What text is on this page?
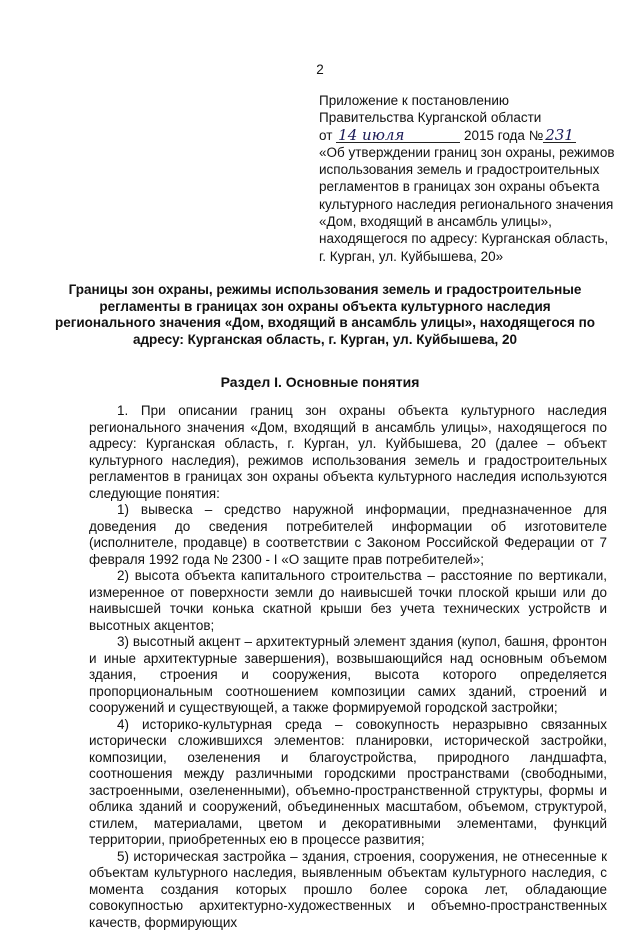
2
Приложение к постановлению
Правительства Курганской области
от 14 июля	2015 года № 231
«Об утверждении границ зон охраны, режимов
использования земель и градостроительных
регламентов в границах зон охраны объекта
культурного наследия регионального значения
«Дом, входящий в ансамбль улицы»,
находящегося по адресу: Курганская область,
г. Курган, ул. Куйбышева, 20»
Границы зон охраны, режимы использования земель и градостроительные регламенты в границах зон охраны объекта культурного наследия регионального значения «Дом, входящий в ансамбль улицы», находящегося по адресу: Курганская область, г. Курган, ул. Куйбышева, 20
Раздел I. Основные понятия

1. При описании границ зон охраны объекта культурного наследия регионального значения «Дом, входящий в ансамбль улицы», находящегося по адресу: Курганская область, г. Курган, ул. Куйбышева, 20 (далее – объект культурного наследия), режимов использования земель и градостроительных регламентов в границах зон охраны объекта культурного наследия используются следующие понятия:

1) вывеска – средство наружной информации, предназначенное для доведения до сведения потребителей информации об изготовителе (исполнителе, продавце) в соответствии с Законом Российской Федерации от 7 февраля 1992 года № 2300 - I «О защите прав потребителей»;

2) высота объекта капитального строительства – расстояние по вертикали, измеренное от поверхности земли до наивысшей точки плоской крыши или до наивысшей точки конька скатной крыши без учета технических устройств и высотных акцентов;

3) высотный акцент – архитектурный элемент здания (купол, башня, фронтон и иные архитектурные завершения), возвышающийся над основным объемом здания, строения и сооружения, высота которого определяется пропорциональным соотношением композиции самих зданий, строений и сооружений и существующей, а также формируемой городской застройки;

4) историко-культурная среда – совокупность неразрывно связанных исторически сложившихся элементов: планировки, исторической застройки, композиции, озеленения и благоустройства, природного ландшафта, соотношения между различными городскими пространствами (свободными, застроенными, озелененными), объемно-пространственной структуры, формы и облика зданий и сооружений, объединенных масштабом, объемом, структурой, стилем, материалами, цветом и декоративными элементами, функций территории, приобретенных ею в процессе развития;

5) историческая застройка – здания, строения, сооружения, не отнесенные к объектам культурного наследия, выявленным объектам культурного наследия, с момента создания которых прошло более сорока лет, обладающие совокупностью архитектурно-художественных и объемно-пространственных качеств, формирующих
